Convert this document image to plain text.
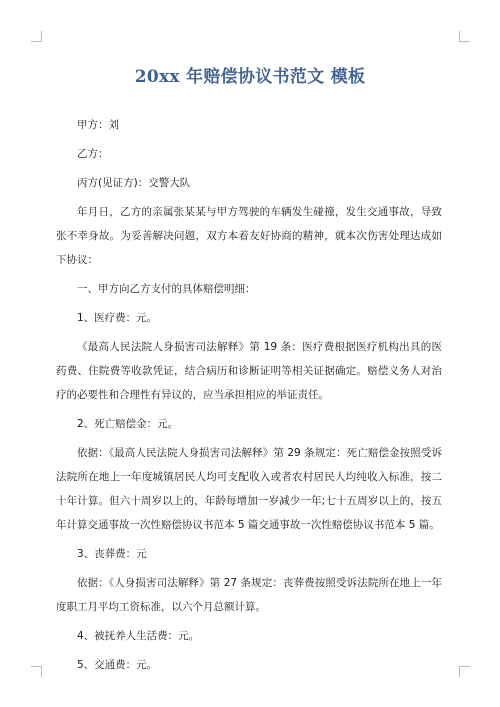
20xx 年赔偿协议书范文 模板

甲方：刘

乙方：

丙方(见证方)：交警大队

年月日，乙方的亲属张某某与甲方驾驶的车辆发生碰撞，发生交通事故，导致张不幸身故。为妥善解决问题，双方本着友好协商的精神，就本次伤害处理达成如下协议：

一、甲方向乙方支付的具体赔偿明细：

1、医疗费：元。

《最高人民法院人身损害司法解释》第 19 条：医疗费根据医疗机构出具的医药费、住院费等收款凭证，结合病历和诊断证明等相关证据确定。赔偿义务人对治疗的必要性和合理性有异议的，应当承担相应的举证责任。

2、死亡赔偿金：元。

依据：《最高人民法院人身损害司法解释》第 29 条规定：死亡赔偿金按照受诉法院所在地上一年度城镇居民人均可支配收入或者农村居民人均纯收入标准，按二十年计算。但六十周岁以上的，年龄每增加一岁减少一年;七十五周岁以上的，按五年计算交通事故一次性赔偿协议书范本 5 篇交通事故一次性赔偿协议书范本 5 篇。

3、丧葬费：元

依据：《人身损害司法解释》第 27 条规定：丧葬费按照受诉法院所在地上一年度职工月平均工资标准，以六个月总额计算。

4、被抚养人生活费：元。

5、交通费：元。
